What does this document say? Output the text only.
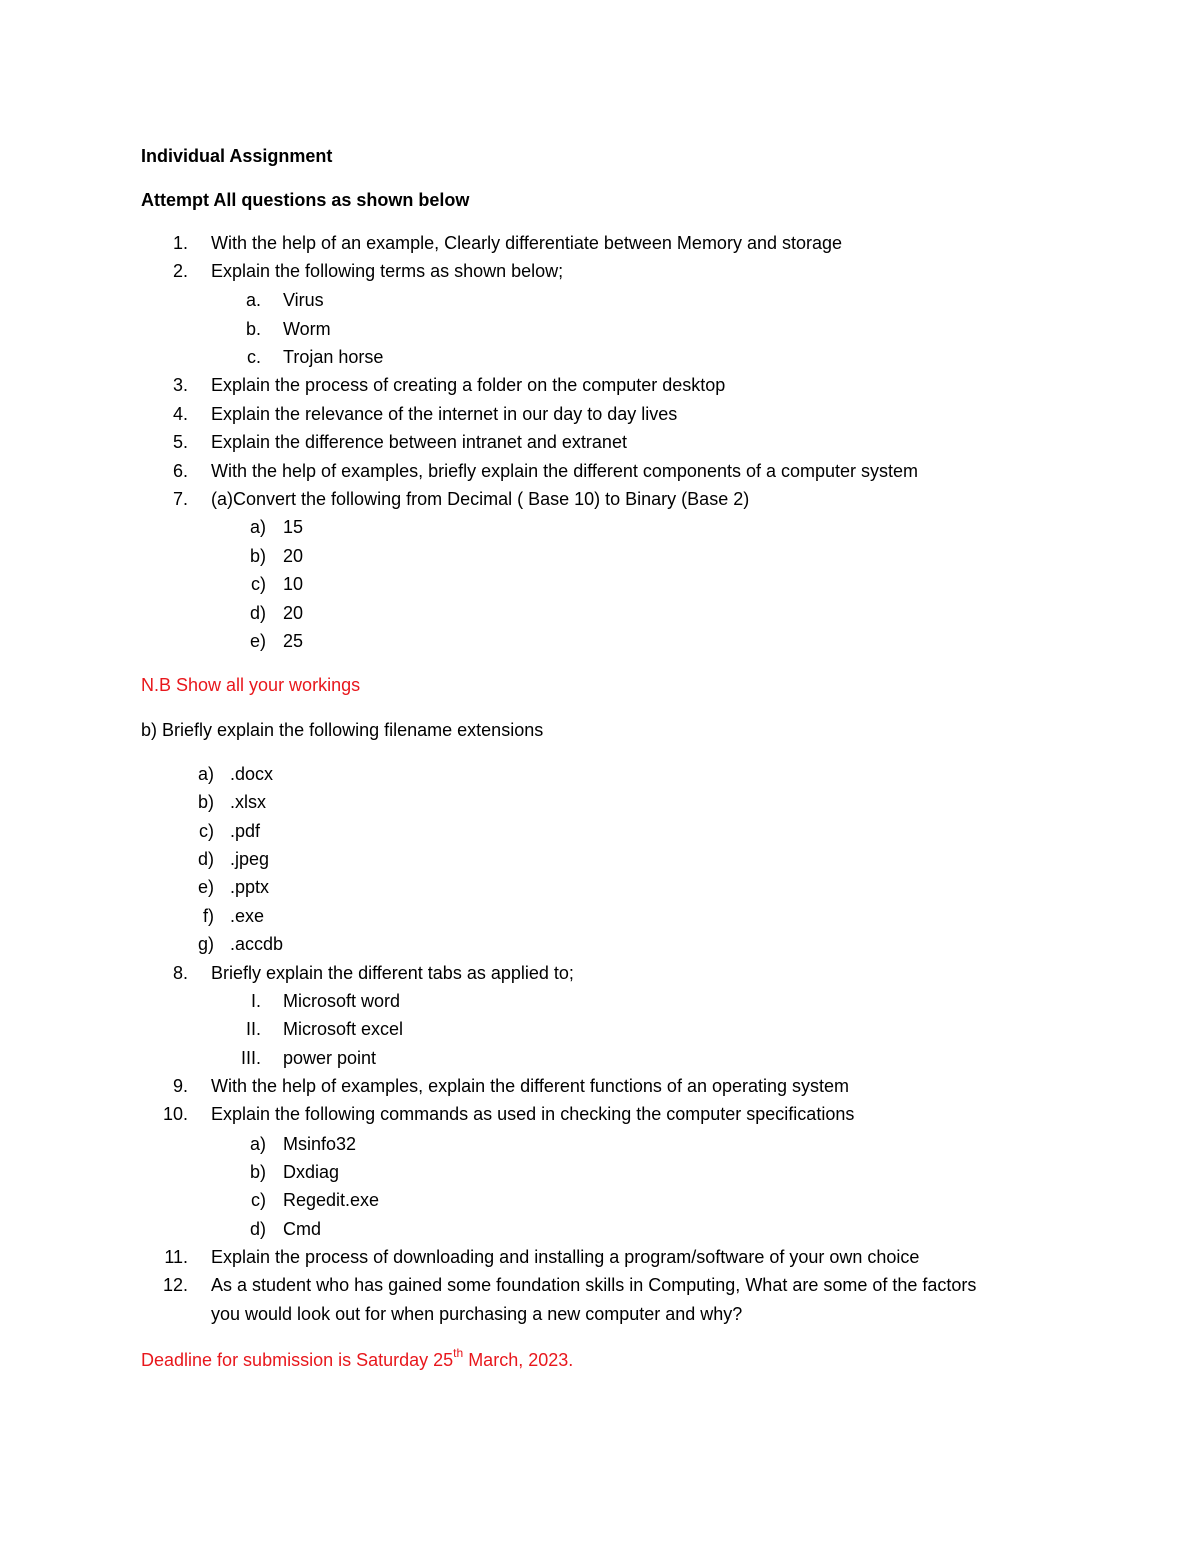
Individual Assignment
Attempt All questions as shown below
1. With the help of an example, Clearly differentiate between Memory and storage
2. Explain the following terms as shown below;
a. Virus
b. Worm
c. Trojan horse
3. Explain the process of creating a folder on the computer desktop
4. Explain the relevance of the internet in our day to day lives
5. Explain the difference between intranet and extranet
6. With the help of examples, briefly explain the different components of a computer system
7. (a)Convert the following from Decimal ( Base 10) to Binary (Base 2)
a) 15
b) 20
c) 10
d) 20
e) 25
N.B Show all your workings
b) Briefly explain the following filename extensions
a) .docx
b) .xlsx
c) .pdf
d) .jpeg
e) .pptx
f) .exe
g) .accdb
8. Briefly explain the different tabs as applied to;
I. Microsoft word
II. Microsoft excel
III. power point
9. With the help of examples, explain the different functions of an operating system
10. Explain the following commands as used in checking the computer specifications
a) Msinfo32
b) Dxdiag
c) Regedit.exe
d) Cmd
11. Explain the process of downloading and installing a program/software of your own choice
12. As a student who has gained some foundation skills in Computing, What are some of the factors
you would look out for when purchasing a new computer and why?
Deadline for submission is Saturday 25th March, 2023.
